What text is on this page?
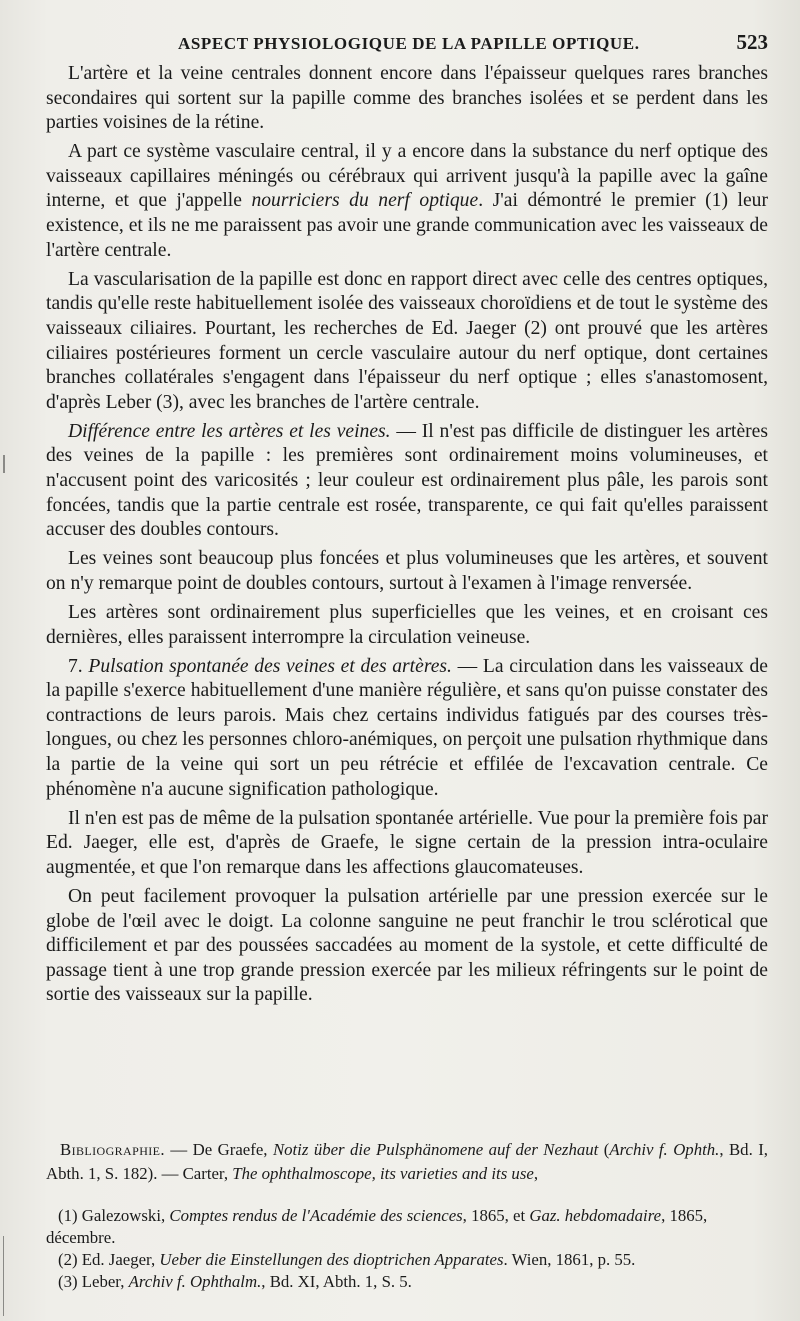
ASPECT PHYSIOLOGIQUE DE LA PAPILLE OPTIQUE.	523

L'artère et la veine centrales donnent encore dans l'épaisseur quelques rares branches secondaires qui sortent sur la papille comme des branches isolées et se perdent dans les parties voisines de la rétine.

A part ce système vasculaire central, il y a encore dans la substance du nerf optique des vaisseaux capillaires méningés ou cérébraux qui arrivent jusqu'à la papille avec la gaîne interne, et que j'appelle nourriciers du nerf optique. J'ai démontré le premier (1) leur existence, et ils ne me paraissent pas avoir une grande communication avec les vaisseaux de l'artère centrale.

La vascularisation de la papille est donc en rapport direct avec celle des centres optiques, tandis qu'elle reste habituellement isolée des vaisseaux choroïdiens et de tout le système des vaisseaux ciliaires. Pourtant, les recherches de Ed. Jaeger (2) ont prouvé que les artères ciliaires postérieures forment un cercle vasculaire autour du nerf optique, dont certaines branches collatérales s'engagent dans l'épaisseur du nerf optique ; elles s'anastomosent, d'après Leber (3), avec les branches de l'artère centrale.

Différence entre les artères et les veines. — Il n'est pas difficile de distinguer les artères des veines de la papille : les premières sont ordinairement moins volumineuses, et n'accusent point des varicosités ; leur couleur est ordinairement plus pâle, les parois sont foncées, tandis que la partie centrale est rosée, transparente, ce qui fait qu'elles paraissent accuser des doubles contours.

Les veines sont beaucoup plus foncées et plus volumineuses que les artères, et souvent on n'y remarque point de doubles contours, surtout à l'examen à l'image renversée.

Les artères sont ordinairement plus superficielles que les veines, et en croisant ces dernières, elles paraissent interrompre la circulation veineuse.

7. Pulsation spontanée des veines et des artères. — La circulation dans les vaisseaux de la papille s'exerce habituellement d'une manière régulière, et sans qu'on puisse constater des contractions de leurs parois. Mais chez certains individus fatigués par des courses très-longues, ou chez les personnes chloro-anémiques, on perçoit une pulsation rhythmique dans la partie de la veine qui sort un peu rétrécie et effilée de l'excavation centrale. Ce phénomène n'a aucune signification pathologique.

Il n'en est pas de même de la pulsation spontanée artérielle. Vue pour la première fois par Ed. Jaeger, elle est, d'après de Graefe, le signe certain de la pression intra-oculaire augmentée, et que l'on remarque dans les affections glaucomateuses.

On peut facilement provoquer la pulsation artérielle par une pression exercée sur le globe de l'œil avec le doigt. La colonne sanguine ne peut franchir le trou sclérotical que difficilement et par des poussées saccadées au moment de la systole, et cette difficulté de passage tient à une trop grande pression exercée par les milieux réfringents sur le point de sortie des vaisseaux sur la papille.

Bibliographie. — De Graefe, Notiz über die Pulsphänomene auf der Nezhaut (Archiv f. Ophth., Bd. I, Abth. 1, S. 182). — Carter, The ophthalmoscope, its varieties and its use,

(1) Galezowski, Comptes rendus de l'Académie des sciences, 1865, et Gaz. hebdomadaire, 1865, décembre.

(2) Ed. Jaeger, Ueber die Einstellungen des dioptrichen Apparates. Wien, 1861, p. 55.

(3) Leber, Archiv f. Ophthalm., Bd. XI, Abth. 1, S. 5.
